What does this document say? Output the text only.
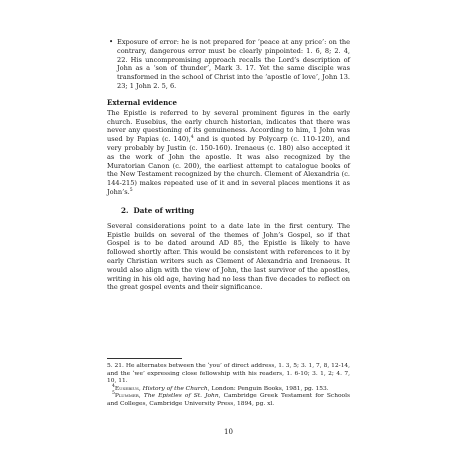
• Exposure of error: he is not prepared for ‘peace at any price’: on the contrary, dangerous error must be clearly pinpointed: 1. 6, 8; 2. 4, 22. His uncompromising approach recalls the Lord’s description of John as a ‘son of thunder’, Mark 3. 17. Yet the same disciple was transformed in the school of Christ into the ‘apostle of love’, John 13. 23; 1 John 2. 5, 6.

External evidence

The Epistle is referred to by several prominent figures in the early church. Eusebius, the early church historian, indicates that there was never any questioning of its genuineness. According to him, 1 John was used by Papias (c. 140),$^4$ and is quoted by Polycarp (c. 110-120), and very probably by Justin (c. 150-160). Irenaeus (c. 180) also accepted it as the work of John the apostle. It was also recognized by the Muratorian Canon (c. 200), the earliest attempt to catalogue books of the New Testament recognized by the church. Clement of Alexandria (c. 144-215) makes repeated use of it and in several places mentions it as John’s.$^5$

2. Date of writing

Several considerations point to a date late in the first century. The Epistle builds on several of the themes of John’s Gospel, so if that Gospel is to be dated around AD 85, the Epistle is likely to have followed shortly after. This would be consistent with references to it by early Christian writers such as Clement of Alexandria and Irenaeus. It would also align with the view of John, the last survivor of the apostles, writing in his old age, having had no less than five decades to reflect on the great gospel events and their significance.

5. 21. He alternates between the ‘you’ of direct address, 1. 3, 5; 3. 1, 7, 8, 12-14, and the ‘we’ expressing close fellowship with his readers, 1. 6-10; 3. 1, 2; 4. 7, 10, 11.

$^4$Eusebius, History of the Church, London: Penguin Books, 1981, pg. 153.

$^5$Plummer, The Epistles of St. John, Cambridge Greek Testament for Schools and Colleges, Cambridge University Press, 1894, pg. xl.

10
